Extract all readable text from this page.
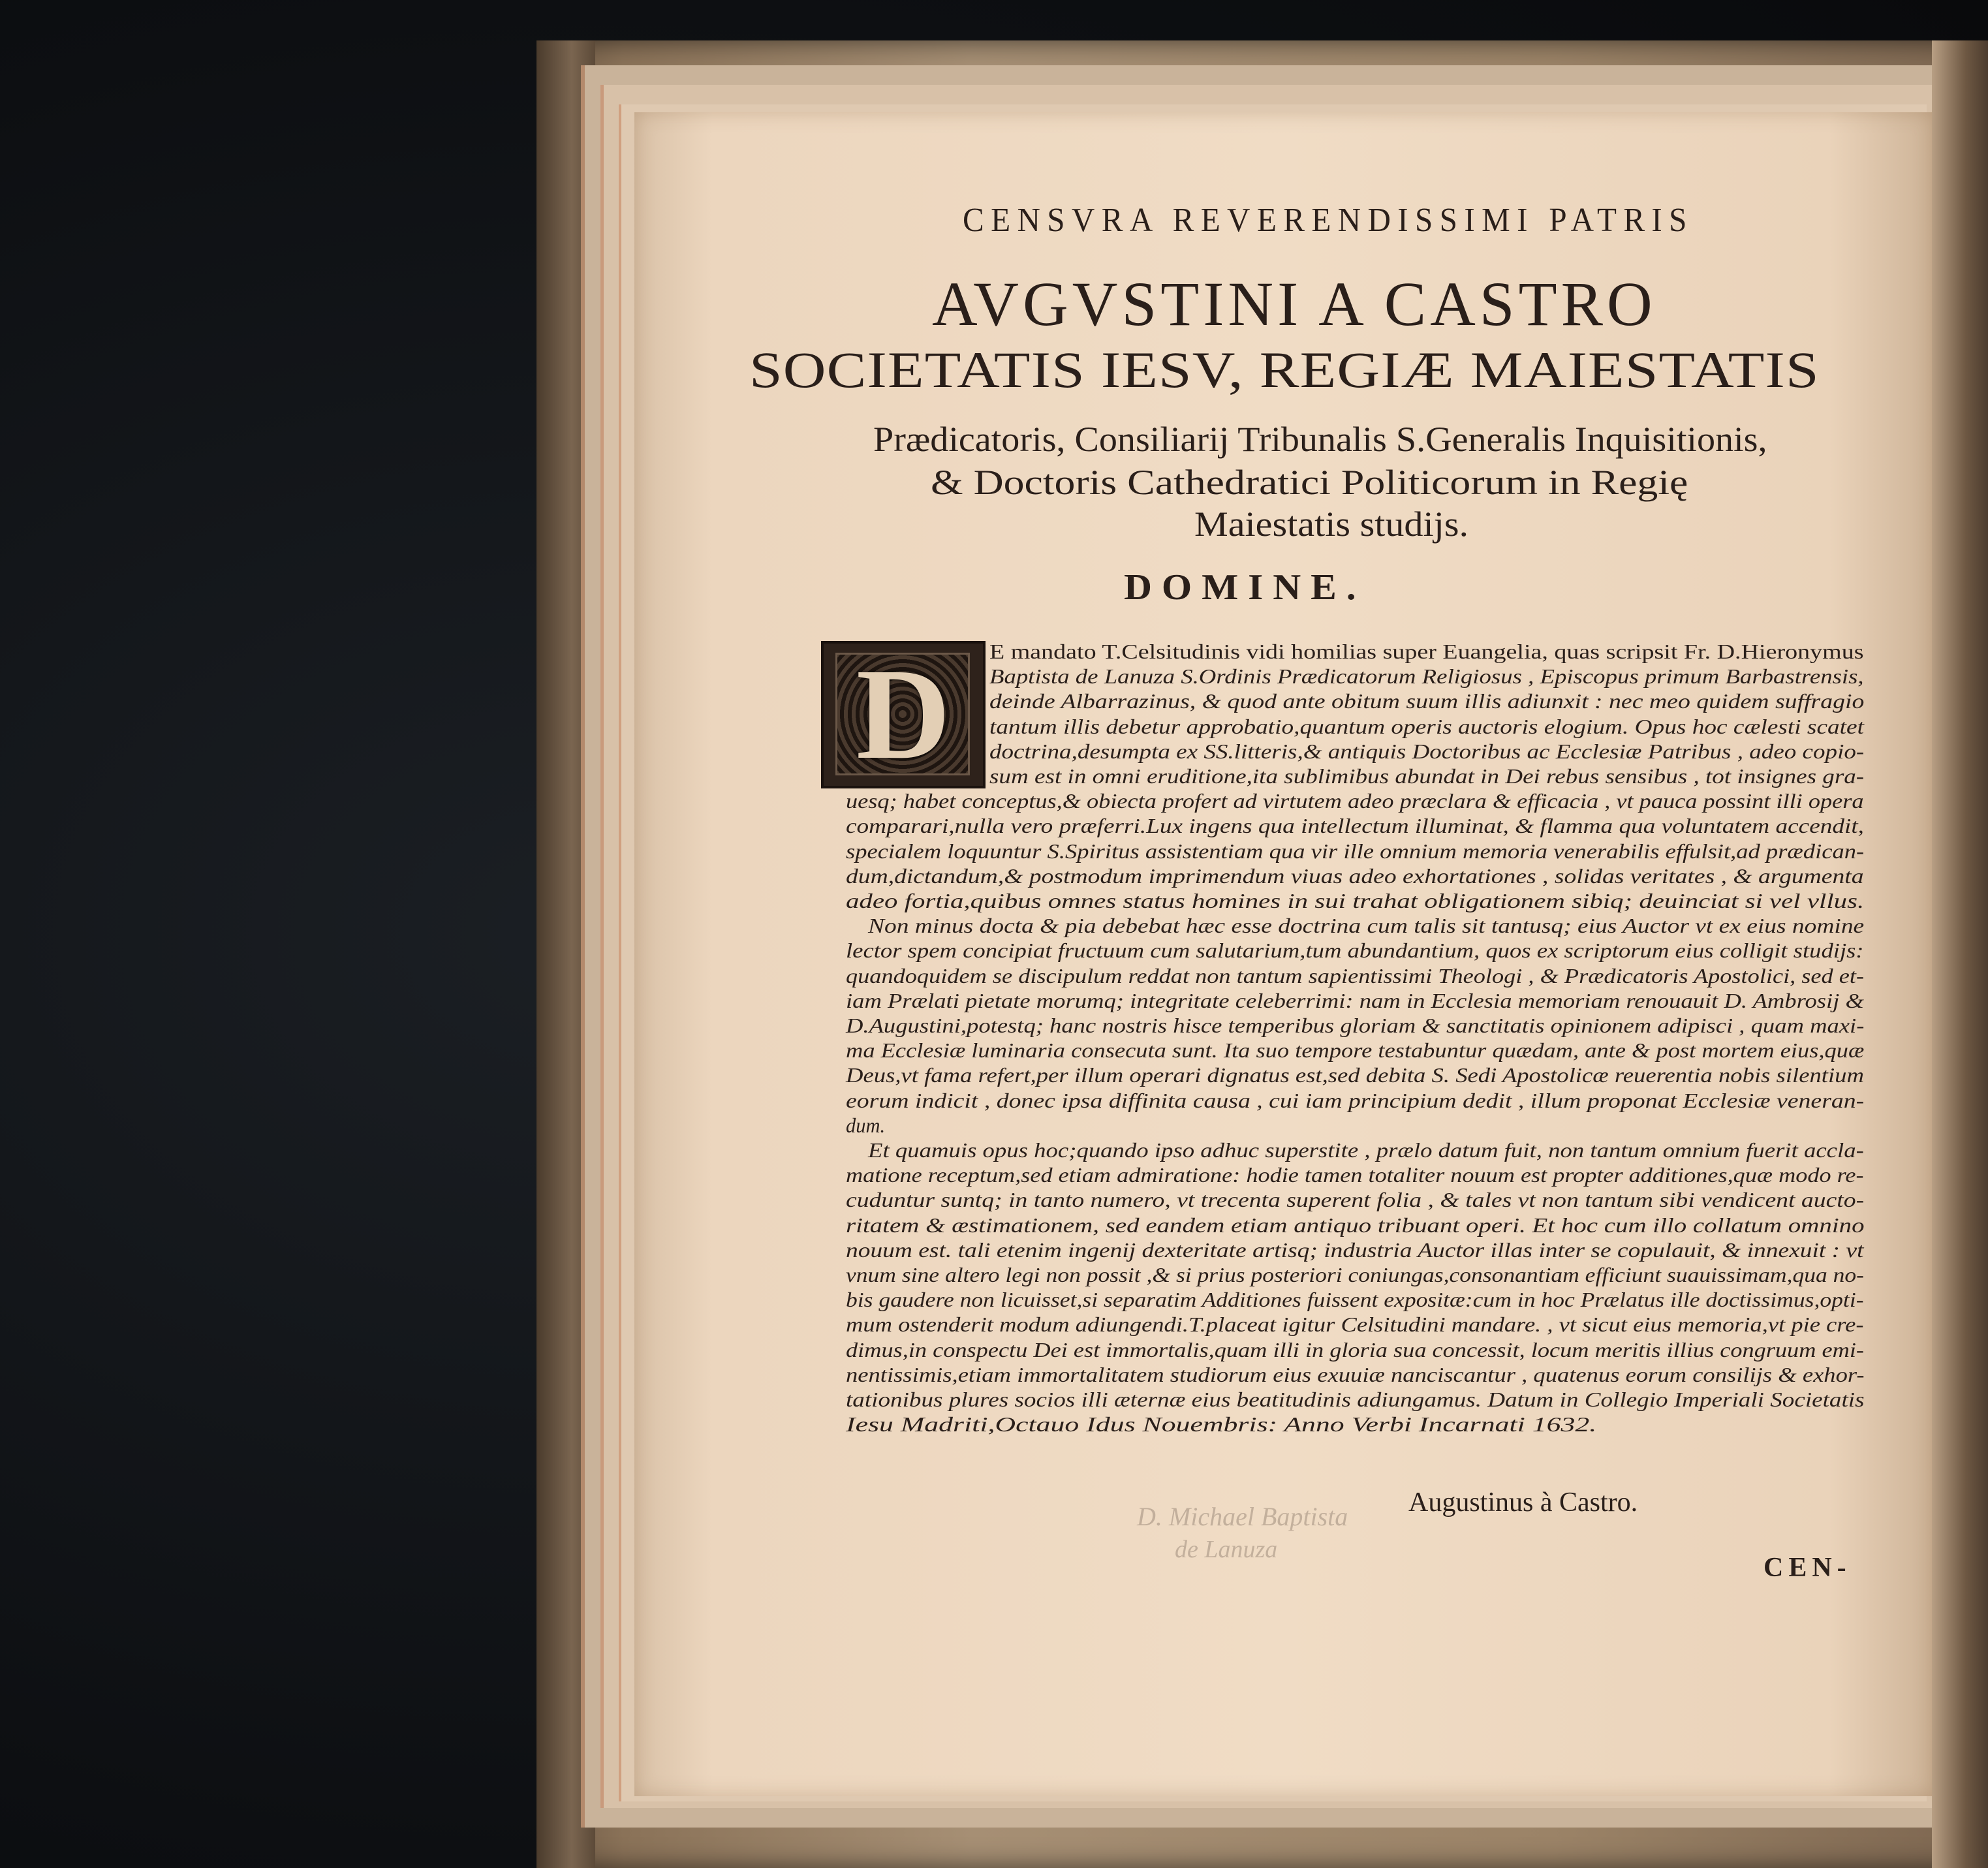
CENSVRA REVERENDISSIMI PATRIS
AVGVSTINI A CASTRO
SOCIETATIS IESV, REGIÆ MAIESTATIS
Prædicatoris, Consiliarij Tribunalis S.Generalis Inquisitionis,
& Doctoris Cathedratici Politicorum in Regię
Maiestatis studijs.
DOMINE.
D	E mandato T.Celsitudinis vidi homilias super Euangelia, quas scripsit Fr. D.Hieronymus
Baptista de Lanuza S.Ordinis Prædicatorum Religiosus , Episcopus primum Barbastrensis,
deinde Albarrazinus, & quod ante obitum suum illis adiunxit : nec meo quidem suffragio
tantum illis debetur approbatio,quantum operis auctoris elogium. Opus hoc cælesti scatet
doctrina,desumpta ex SS.litteris,& antiquis Doctoribus ac Ecclesiæ Patribus , adeo copio-
sum est in omni eruditione,ita sublimibus abundat in Dei rebus sensibus , tot insignes gra-
uesq; habet conceptus,& obiecta profert ad virtutem adeo præclara & efficacia , vt pauca possint illi opera
comparari,nulla vero præferri.Lux ingens qua intellectum illuminat, & flamma qua voluntatem accendit,
specialem loquuntur S.Spiritus assistentiam qua vir ille omnium memoria venerabilis effulsit,ad prædican-
dum,dictandum,& postmodum imprimendum viuas adeo exhortationes , solidas veritates , & argumenta
adeo fortia,quibus omnes status homines in sui trahat obligationem sibiq; deuinciat si vel vllus.
Non minus docta & pia debebat hæc esse doctrina cum talis sit tantusq; eius Auctor vt ex eius nomine
lector spem concipiat fructuum cum salutarium,tum abundantium, quos ex scriptorum eius colligit studijs:
quandoquidem se discipulum reddat non tantum sapientissimi Theologi , & Prædicatoris Apostolici, sed et-
iam Prælati pietate morumq; integritate celeberrimi: nam in Ecclesia memoriam renouauit D. Ambrosij &
D.Augustini,potestq; hanc nostris hisce temperibus gloriam & sanctitatis opinionem adipisci , quam maxi-
ma Ecclesiæ luminaria consecuta sunt. Ita suo tempore testabuntur quædam, ante & post mortem eius,quæ
Deus,vt fama refert,per illum operari dignatus est,sed debita S. Sedi Apostolicæ reuerentia nobis silentium
eorum indicit , donec ipsa diffinita causa , cui iam principium dedit , illum proponat Ecclesiæ veneran-
dum.
Et quamuis opus hoc;quando ipso adhuc superstite , prælo datum fuit, non tantum omnium fuerit accla-
matione receptum,sed etiam admiratione: hodie tamen totaliter nouum est propter additiones,quæ modo re-
cuduntur suntq; in tanto numero, vt trecenta superent folia , & tales vt non tantum sibi vendicent aucto-
ritatem & æstimationem, sed eandem etiam antiquo tribuant operi. Et hoc cum illo collatum omnino
nouum est. tali etenim ingenij dexteritate artisq; industria Auctor illas inter se copulauit, & innexuit : vt
vnum sine altero legi non possit ,& si prius posteriori coniungas,consonantiam efficiunt suauissimam,qua no-
bis gaudere non licuisset,si separatim Additiones fuissent expositæ:cum in hoc Prælatus ille doctissimus,opti-
mum ostenderit modum adiungendi.T.placeat igitur Celsitudini mandare. , vt sicut eius memoria,vt pie cre-
dimus,in conspectu Dei est immortalis,quam illi in gloria sua concessit, locum meritis illius congruum emi-
nentissimis,etiam immortalitatem studiorum eius exuuiæ nanciscantur , quatenus eorum consilijs & exhor-
tationibus plures socios illi æternæ eius beatitudinis adiungamus. Datum in Collegio Imperiali Societatis
Iesu Madriti,Octauo Idus Nouembris: Anno Verbi Incarnati 1632.
Augustinus à Castro.
CEN-
D. Michael Baptista
de Lanuza
